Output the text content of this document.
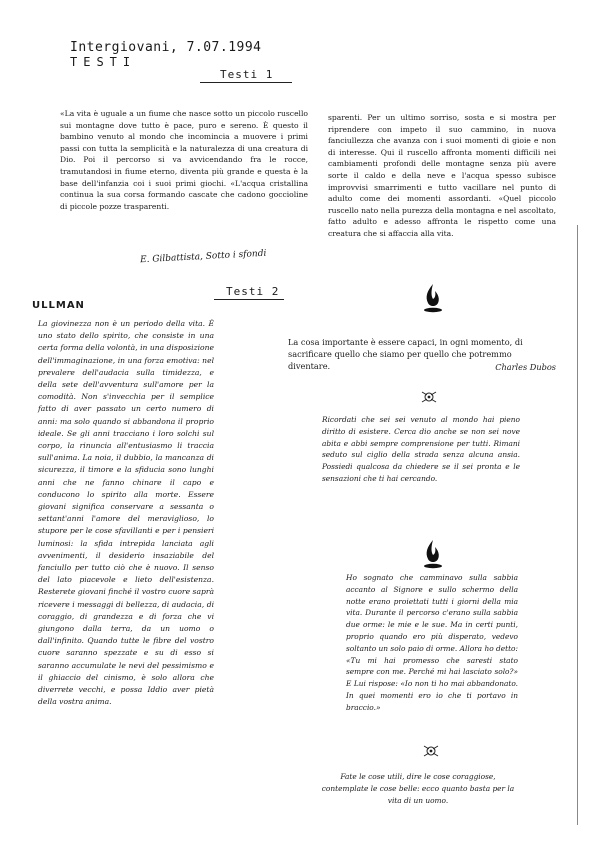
Intergiovani, 7.07.1994
TESTI
Testi 1

«La vita è uguale a un fiume che nasce sotto un piccolo ruscello sui montagne dove tutto è pace, puro e sereno. È questo il bambino venuto al mondo che incomincia a muovere i primi passi con tutta la semplicità e la naturalezza di una creatura di Dio. Poi il percorso si va avvicendando fra le rocce, tramutandosi in fiume eterno, diventa più grande e questa è la base dell'infanzia coi i suoi primi giochi. «L'acqua cristallina continua la sua corsa formando cascate che cadono goccioline di piccole pozze trasparenti.

sparenti. Per un ultimo sorriso, sosta e si mostra per riprendere con impeto il suo cammino, in nuova fanciullezza che avanza con i suoi momenti di gioie e non di interesse. Qui il ruscello affronta momenti difficili nei cambiamenti profondi delle montagne senza più avere sorte il caldo e della neve e l'acqua spesso subisce improvvisi smarrimenti e tutto vacillare nel punto di adulto come dei momenti assordanti. «Quel piccolo ruscello nato nella purezza della montagna e nel ascoltato, fatto adulto e adesso affronta le rispetto come una creatura che si affaccia alla vita.

E. Gilbattista, Sotto i sfondi
Testi 2
ULLMAN

La giovinezza non è un periodo della vita. È uno stato dello spirito, che consiste in una certa forma della volontà, in una disposizione dell'immaginazione, in una forza emotiva: nel prevalere dell'audacia sulla timidezza, e della sete dell'avventura sull'amore per la comodità. Non s'invecchia per il semplice fatto di aver passato un certo numero di anni: ma solo quando si abbandona il proprio ideale. Se gli anni tracciano i loro solchi sul corpo, la rinuncia all'entusiasmo li traccia sull'anima. La noia, il dubbio, la mancanza di sicurezza, il timore e la sfiducia sono lunghi anni che ne fanno chinare il capo e conducono lo spirito alla morte. Essere giovani significa conservare a sessanta o settant'anni l'amore del meraviglioso, lo stupore per le cose sfavillanti e per i pensieri luminosi: la sfida intrepida lanciata agli avvenimenti, il desiderio insaziabile del fanciullo per tutto ciò che è nuovo. Il senso del lato piacevole e lieto dell'esistenza. Resterete giovani finché il vostro cuore saprà ricevere i messaggi di bellezza, di audacia, di coraggio, di grandezza e di forza che vi giungono dalla terra, da un uomo o dall'infinito. Quando tutte le fibre del vostro cuore saranno spezzate e su di esso si saranno accumulate le nevi del pessimismo e il ghiaccio del cinismo, è solo allora che diverrete vecchi, e possa Iddio aver pietà della vostra anima.

La cosa importante è essere capaci, in ogni momento, di sacrificare quello che siamo per quello che potremmo diventare.	Charles Dubos
Ricordati che sei sei venuto al mondo hai pieno diritto di esistere. Cerca dio anche se non sei nove abita e abbi sempre comprensione per tutti. Rimani seduto sul ciglio della strada senza alcuna ansia. Possiedi qualcosa da chiedere se il sei pronta e le sensazioni che ti hai cercando.
Ho sognato che camminavo sulla sabbia accanto al Signore e sullo schermo della notte erano proiettati tutti i giorni della mia vita. Durante il percorso c'erano sulla sabbia due orme: le mie e le sue. Ma in certi punti, proprio quando ero più disperato, vedevo soltanto un solo paio di orme. Allora ho detto: «Tu mi hai promesso che saresti stato sempre con me. Perché mi hai lasciato solo?» E Lui rispose: «Io non ti ho mai abbandonato. In quei momenti ero io che ti portavo in braccio.»
Fate le cose utili, dire le cose coraggiose, contemplate le cose belle: ecco quanto basta per la vita di un uomo.
